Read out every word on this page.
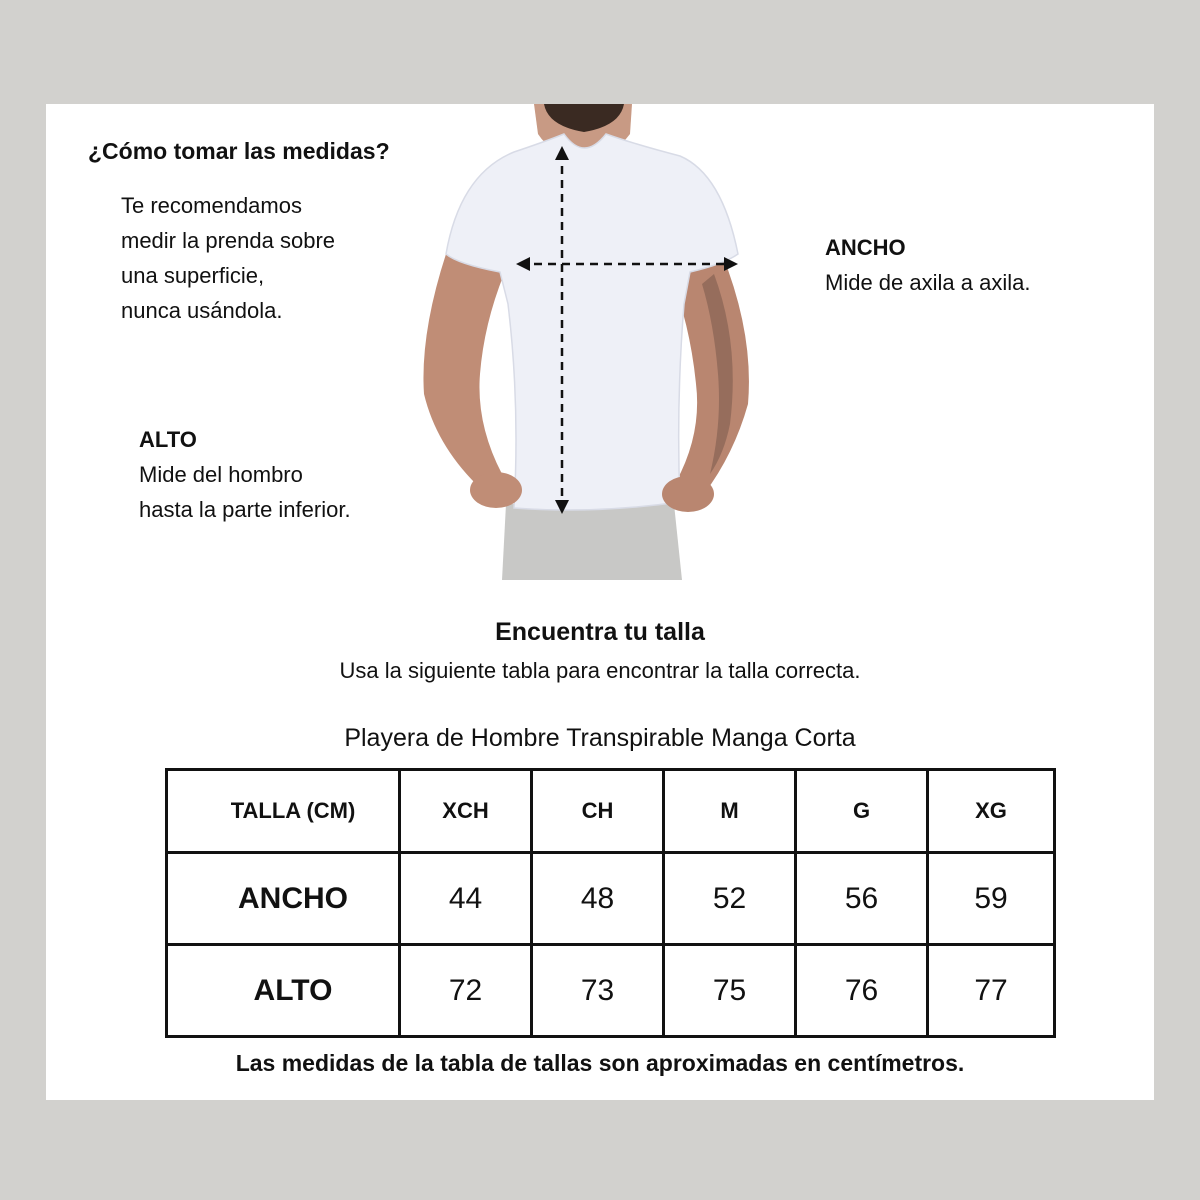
¿Cómo tomar las medidas?
Te recomendamos
medir la prenda sobre
una superficie,
nunca usándola.
ANCHO
Mide de axila a axila.
ALTO
Mide del hombro
hasta la parte inferior.
Encuentra tu talla
Usa la siguiente tabla para encontrar la talla correcta.
Playera de Hombre Transpirable Manga Corta
TALLA (CM)	XCH	CH	M	G	XG
ANCHO	44	48	52	56	59
ALTO	72	73	75	76	77
Las medidas de la tabla de tallas son aproximadas en centímetros.
